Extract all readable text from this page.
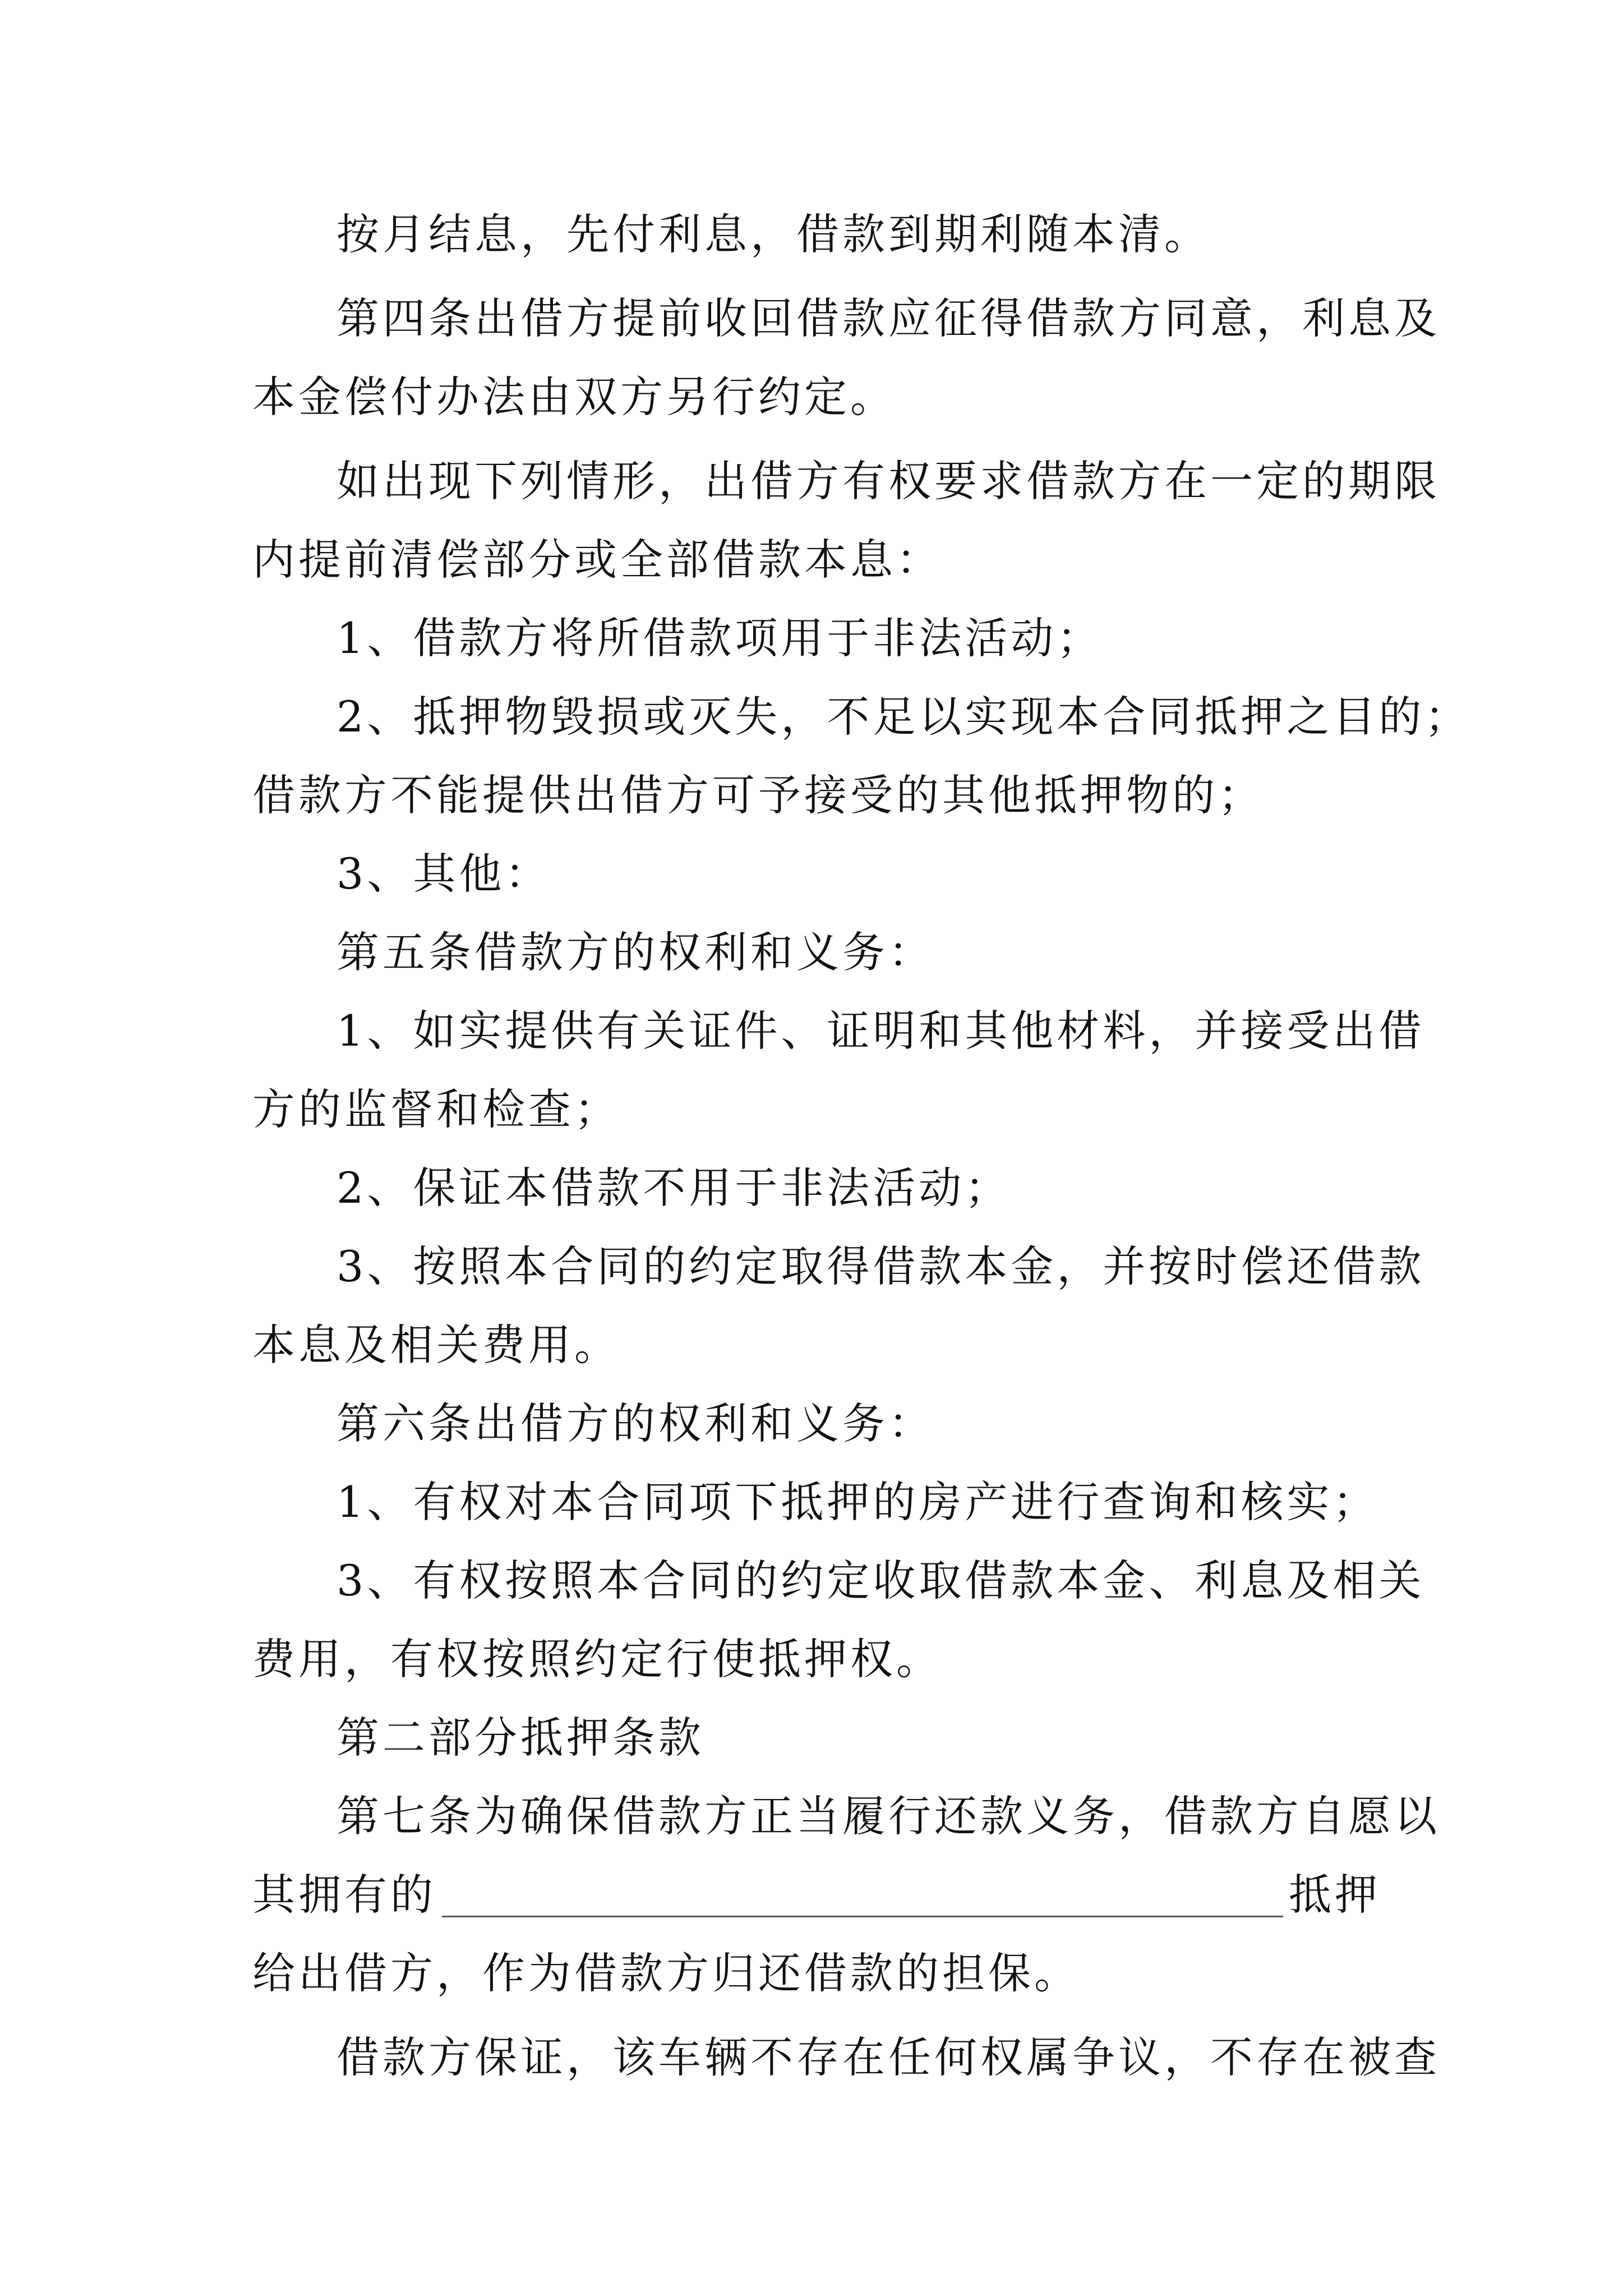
按月结息，先付利息，借款到期利随本清。
第四条出借方提前收回借款应征得借款方同意，利息及
本金偿付办法由双方另行约定。
如出现下列情形，出借方有权要求借款方在一定的期限
内提前清偿部分或全部借款本息：
1、借款方将所借款项用于非法活动；
2、抵押物毁损或灭失，不足以实现本合同抵押之目的；
借款方不能提供出借方可予接受的其他抵押物的；
3、其他：
第五条借款方的权利和义务：
1、如实提供有关证件、证明和其他材料，并接受出借
方的监督和检查；
2、保证本借款不用于非法活动；
3、按照本合同的约定取得借款本金，并按时偿还借款
本息及相关费用。
第六条出借方的权利和义务：
1、有权对本合同项下抵押的房产进行查询和核实；
3、有权按照本合同的约定收取借款本金、利息及相关
费用，有权按照约定行使抵押权。
第二部分抵押条款
第七条为确保借款方正当履行还款义务，借款方自愿以
其拥有的	抵押
给出借方，作为借款方归还借款的担保。
借款方保证，该车辆不存在任何权属争议，不存在被查
